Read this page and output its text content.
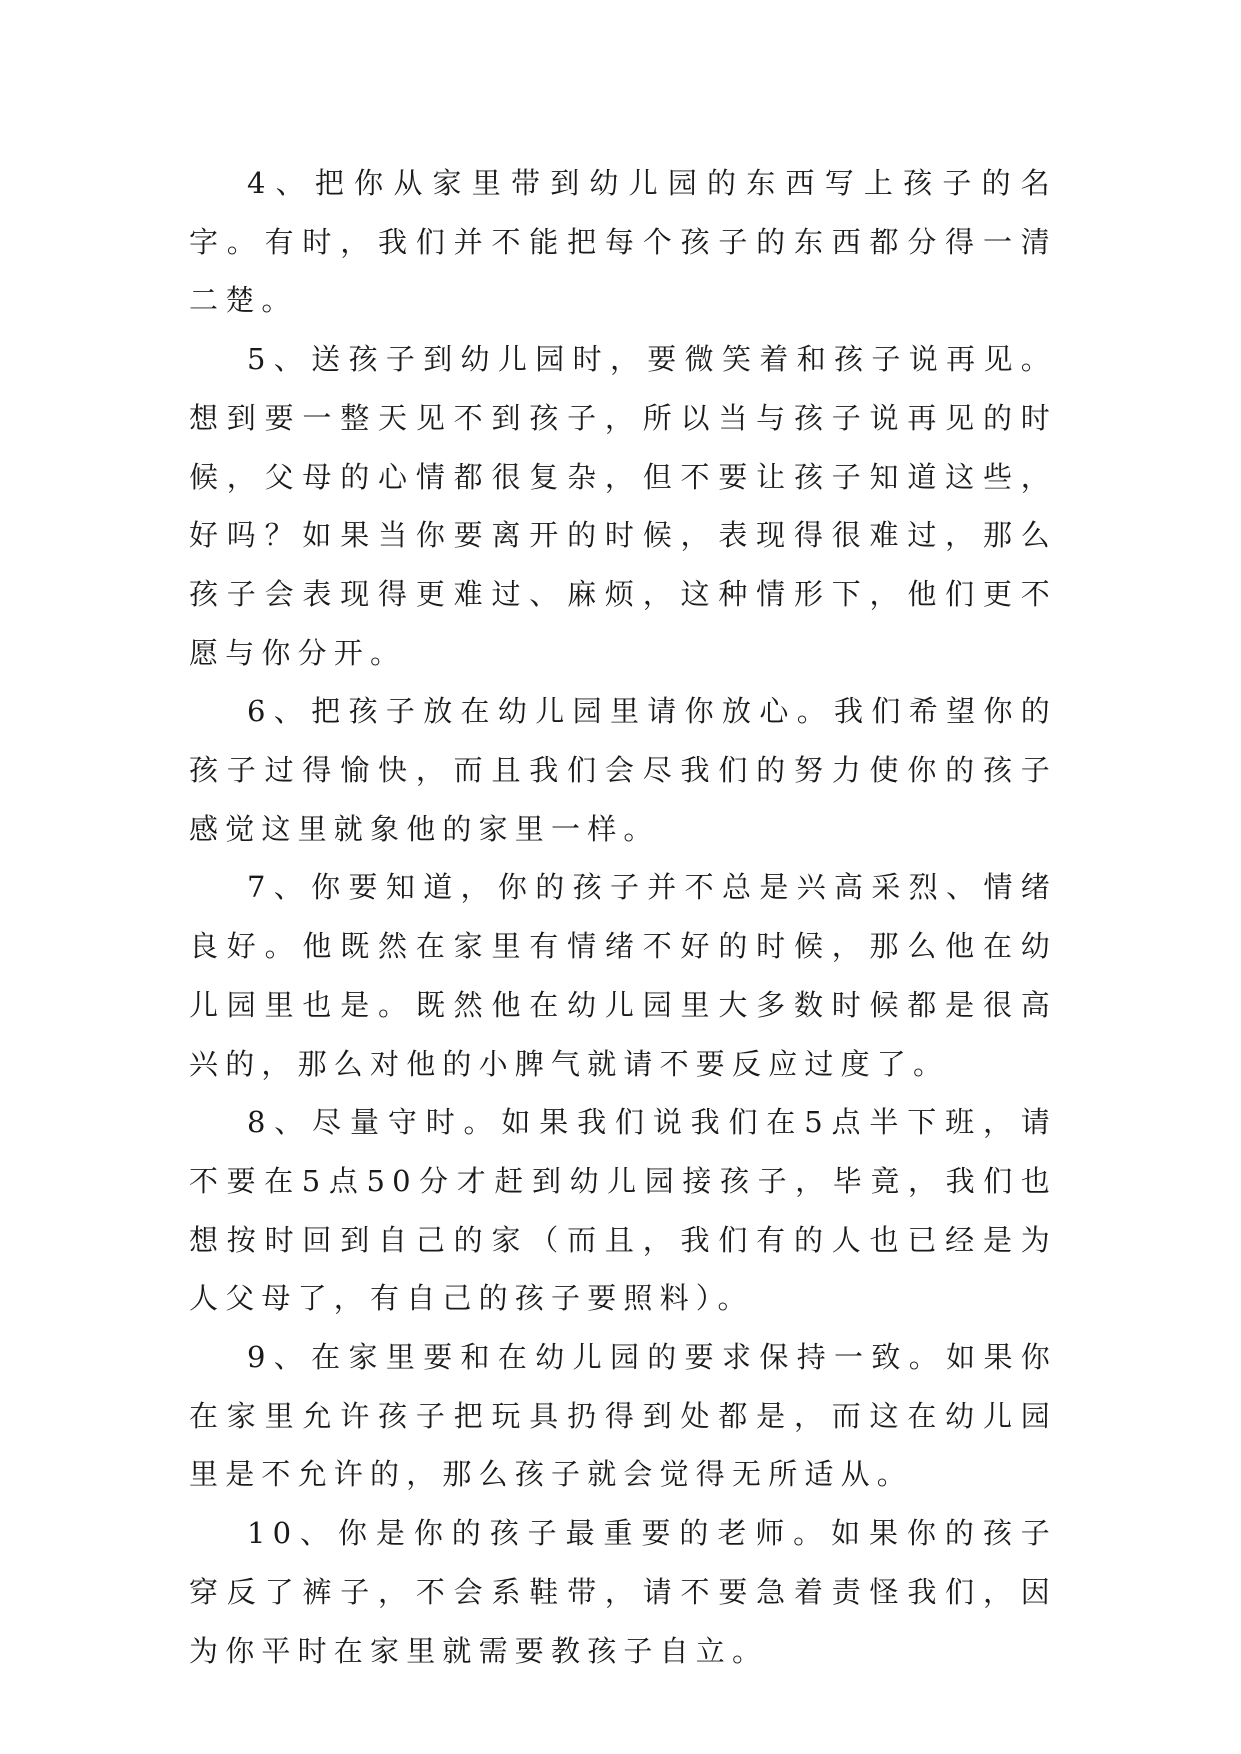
4、把你从家里带到幼儿园的东西写上孩子的名字。有时，我们并不能把每个孩子的东西都分得一清二楚。

5、送孩子到幼儿园时，要微笑着和孩子说再见。想到要一整天见不到孩子，所以当与孩子说再见的时候，父母的心情都很复杂，但不要让孩子知道这些，好吗？如果当你要离开的时候，表现得很难过，那么孩子会表现得更难过、麻烦，这种情形下，他们更不愿与你分开。

6、把孩子放在幼儿园里请你放心。我们希望你的孩子过得愉快，而且我们会尽我们的努力使你的孩子感觉这里就象他的家里一样。

7、你要知道，你的孩子并不总是兴高采烈、情绪良好。他既然在家里有情绪不好的时候，那么他在幼儿园里也是。既然他在幼儿园里大多数时候都是很高兴的，那么对他的小脾气就请不要反应过度了。

8、尽量守时。如果我们说我们在5点半下班，请不要在5点50分才赶到幼儿园接孩子，毕竟，我们也想按时回到自己的家（而且，我们有的人也已经是为人父母了，有自己的孩子要照料）。

9、在家里要和在幼儿园的要求保持一致。如果你在家里允许孩子把玩具扔得到处都是，而这在幼儿园里是不允许的，那么孩子就会觉得无所适从。

10、你是你的孩子最重要的老师。如果你的孩子穿反了裤子，不会系鞋带，请不要急着责怪我们，因为你平时在家里就需要教孩子自立。
